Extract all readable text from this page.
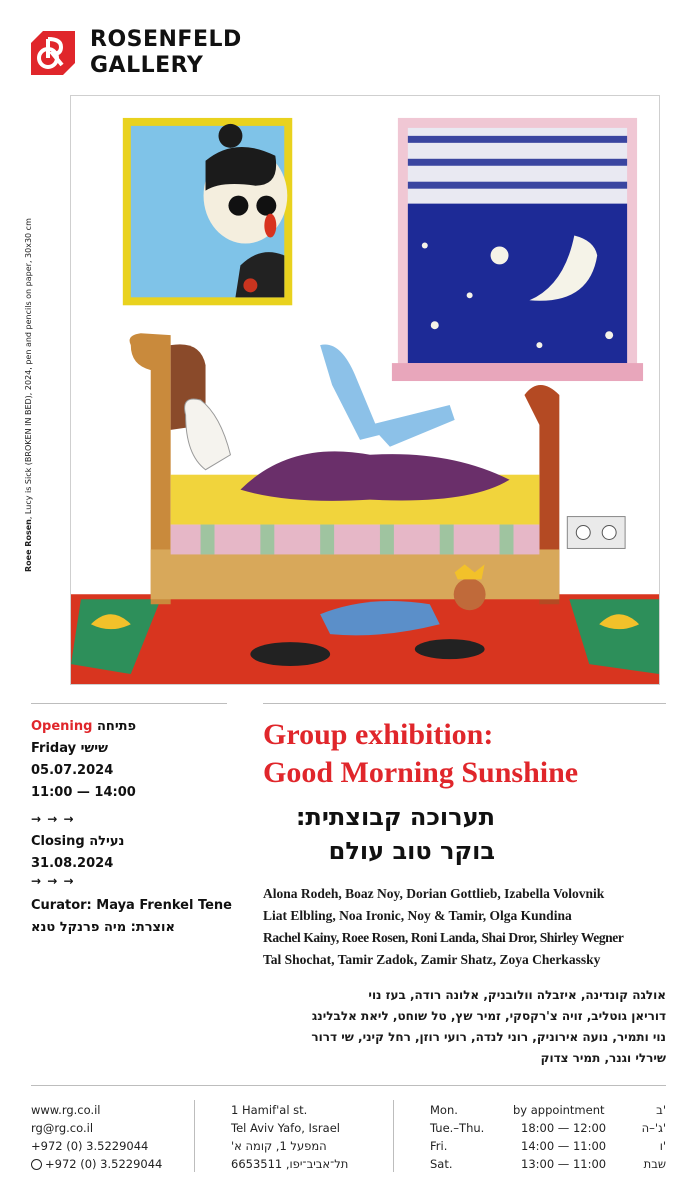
ROSENFELD
GALLERY
Roee Rosen, Lucy is Sick (BROKEN IN BED), 2024, pen and pencils on paper, 30x30 cm
Opening פתיחה
Friday שישי
05.07.2024
11:00 — 14:00
→ → →
Closing נעילה
31.08.2024
→ → →
Curator: Maya Frenkel Tene
אוצרת: מיה פרנקל טנא
Group exhibition:
Good Morning Sunshine
תערוכה קבוצתית:
בוקר טוב עולם
Alona Rodeh, Boaz Noy, Dorian Gottlieb, Izabella Volovnik
Liat Elbling, Noa Ironic, Noy & Tamir, Olga Kundina
Rachel Kainy, Roee Rosen, Roni Landa, Shai Dror, Shirley Wegner
Tal Shochat, Tamir Zadok, Zamir Shatz, Zoya Cherkassky
אולגה קונדינה, איזבלה וולובניק, אלונה רודה, בעז נוי
דוריאן גוטליב, זויה צ'רקסקי, זמיר שץ, טל שוחט, ליאת אלבלינג
נוי ותמיר, נועה אירוניק, רוני לנדה, רועי רוזן, רחל קיני, שי דרור
שירלי וגנר, תמיר צדוק
www.rg.co.il
rg@rg.co.il
+972 (0) 3.5229044
+972 (0) 3.5229044
1 Hamif'al st.
Tel Aviv Yafo, Israel
המפעל 1, קומה א'
תל־אביב־יפו, 6653511
Mon.	by appointment	ב'
Tue.–Thu.	18:00 — 12:00	ג'–ה'
Fri.	14:00 — 11:00	ו'
Sat.	13:00 — 11:00	שבת
